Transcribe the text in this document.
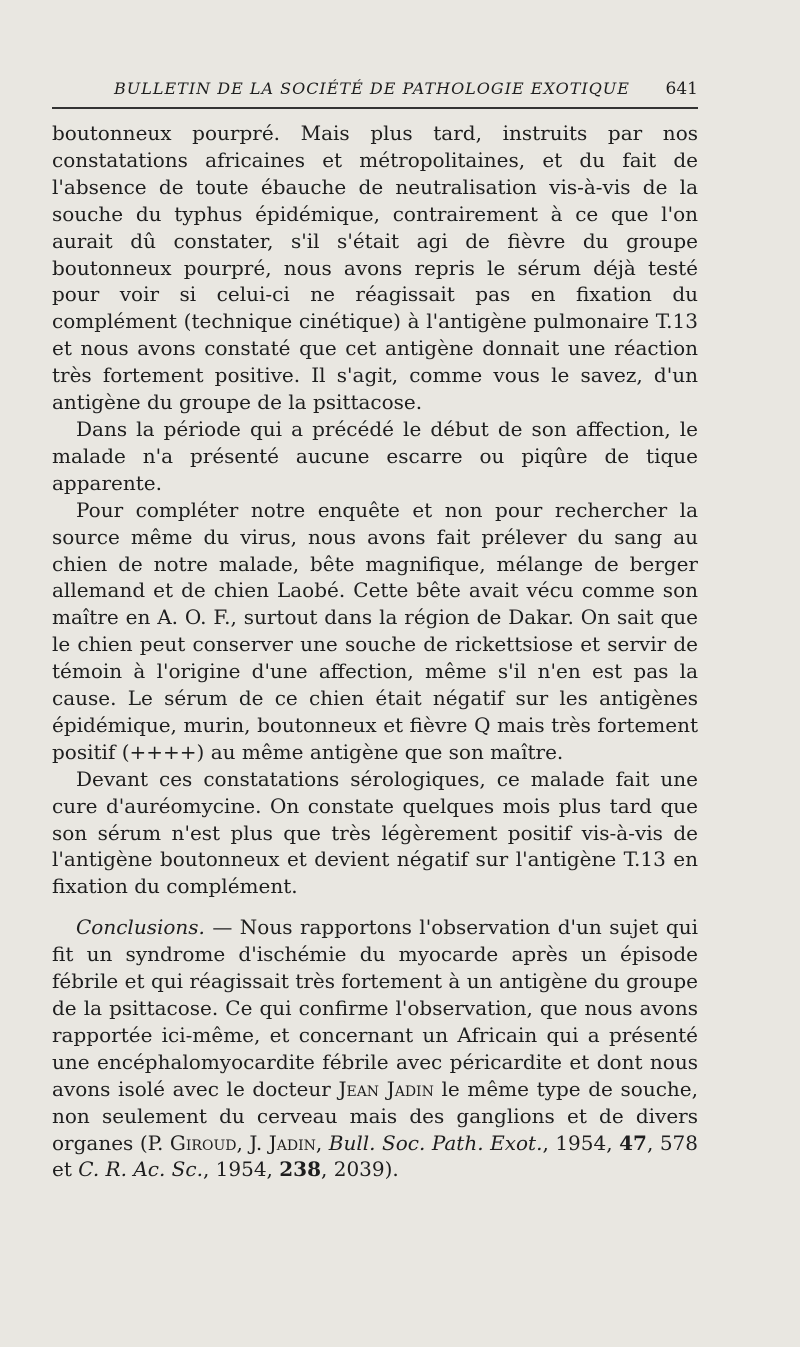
BULLETIN DE LA SOCIÉTÉ DE PATHOLOGIE EXOTIQUE 641

boutonneux pourpré. Mais plus tard, instruits par nos constatations africaines et métropolitaines, et du fait de l'absence de toute ébauche de neutralisation vis-à-vis de la souche du typhus épidémique, contrairement à ce que l'on aurait dû constater, s'il s'était agi de fièvre du groupe boutonneux pourpré, nous avons repris le sérum déjà testé pour voir si celui-ci ne réagissait pas en fixation du complément (technique cinétique) à l'antigène pulmonaire T.13 et nous avons constaté que cet antigène donnait une réaction très fortement positive. Il s'agit, comme vous le savez, d'un antigène du groupe de la psittacose.

Dans la période qui a précédé le début de son affection, le malade n'a présenté aucune escarre ou piqûre de tique apparente.

Pour compléter notre enquête et non pour rechercher la source même du virus, nous avons fait prélever du sang au chien de notre malade, bête magnifique, mélange de berger allemand et de chien Laobé. Cette bête avait vécu comme son maître en A. O. F., surtout dans la région de Dakar. On sait que le chien peut conserver une souche de rickettsiose et servir de témoin à l'origine d'une affection, même s'il n'en est pas la cause. Le sérum de ce chien était négatif sur les antigènes épidémique, murin, boutonneux et fièvre Q mais très fortement positif (++++) au même antigène que son maître.

Devant ces constatations sérologiques, ce malade fait une cure d'auréomycine. On constate quelques mois plus tard que son sérum n'est plus que très légèrement positif vis-à-vis de l'antigène boutonneux et devient négatif sur l'antigène T.13 en fixation du complément.

Conclusions. — Nous rapportons l'observation d'un sujet qui fit un syndrome d'ischémie du myocarde après un épisode fébrile et qui réagissait très fortement à un antigène du groupe de la psittacose. Ce qui confirme l'observation, que nous avons rapportée ici-même, et concernant un Africain qui a présenté une encéphalomyocardite fébrile avec péricardite et dont nous avons isolé avec le docteur Jean Jadin le même type de souche, non seulement du cerveau mais des ganglions et de divers organes (P. Giroud, J. Jadin, Bull. Soc. Path. Exot., 1954, 47, 578 et C. R. Ac. Sc., 1954, 238, 2039).
